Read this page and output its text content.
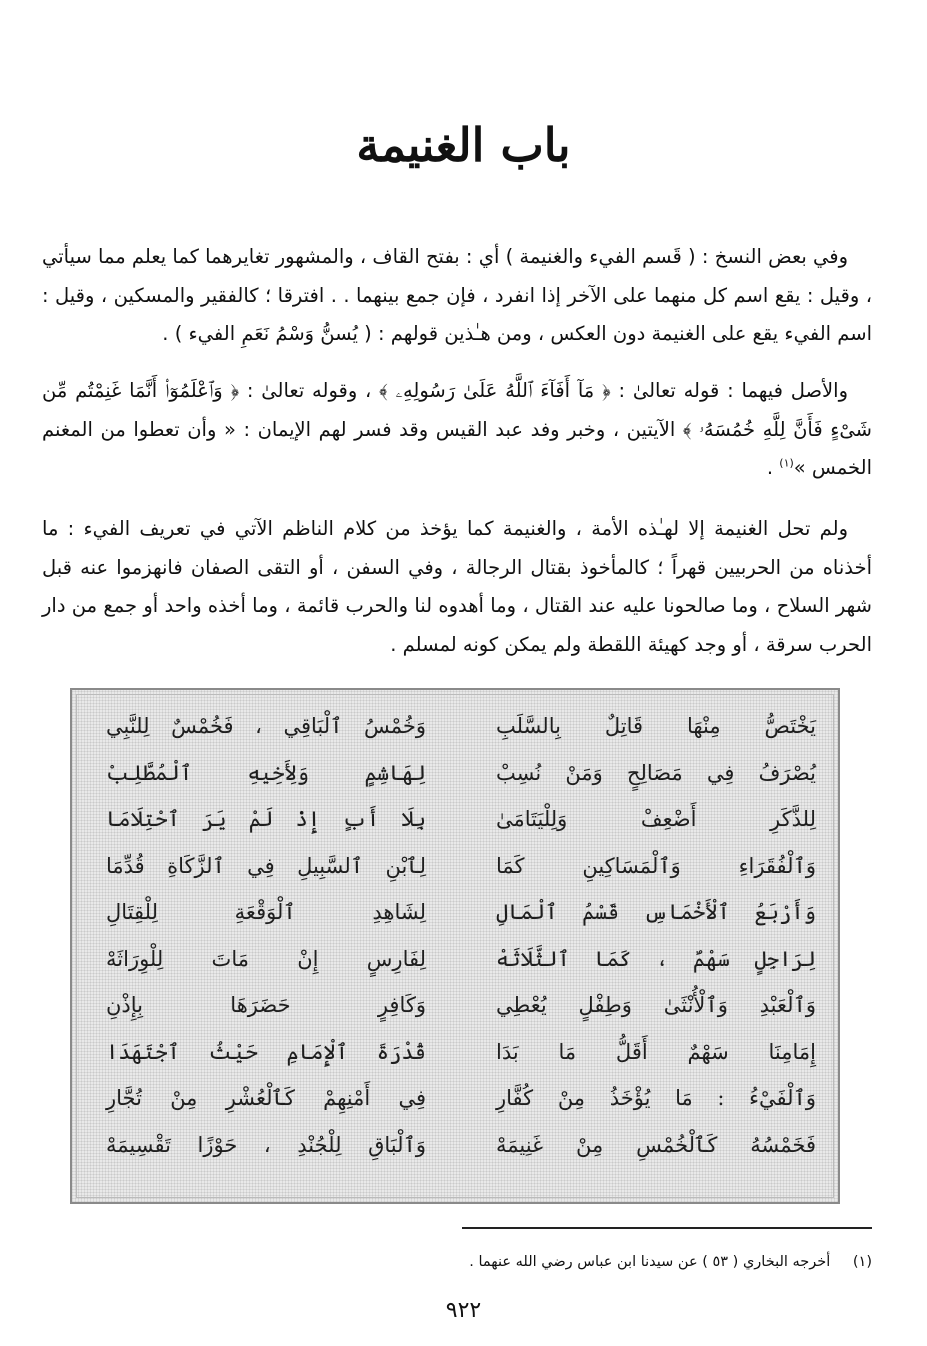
باب الغنيمة

وفي بعض النسخ : ( قَسم الفيء والغنيمة ) أي : بفتح القاف ، والمشهور تغايرهما كما يعلم مما سيأتي ، وقيل : يقع اسم كل منهما على الآخر إذا انفرد ، فإن جمع بينهما . . افترقا ؛ كالفقير والمسكين ، وقيل : اسم الفيء يقع على الغنيمة دون العكس ، ومن هـٰذين قولهم : ( يُسنُّ وَسْمُ نَعَمِ الفيء ) .

والأصل فيهما : قوله تعالىٰ : ﴿ مَآ أَفَآءَ ٱللَّهُ عَلَىٰ رَسُولِهِۦ ﴾ ، وقوله تعالىٰ : ﴿ وَٱعْلَمُوٓا۟ أَنَّمَا غَنِمْتُم مِّن شَىْءٍ فَأَنَّ لِلَّهِ خُمُسَهُۥ ﴾ الآيتين ، وخبر وفد عبد القيس وقد فسر لهم الإيمان : « وأن تعطوا من المغنم الخمس »$^{(١)}$ .

ولم تحل الغنيمة إلا لهـٰذه الأمة ، والغنيمة كما يؤخذ من كلام الناظم الآتي في تعريف الفيء : ما أخذناه من الحربيين قهراً ؛ كالمأخوذ بقتال الرجالة ، وفي السفن ، أو التقى الصفان فانهزموا عنه قبل شهر السلاح ، وما صالحونا عليه عند القتال ، وما أهدوه لنا والحرب قائمة ، وما أخذه واحد أو جمع من دار الحرب سرقة ، أو وجد كهيئة اللقطة ولم يمكن كونه لمسلم .

يَخْتَصُّ مِنْهَا قَاتِلٌ بِالسَّلَبِ
وَخُمْسُ ٱلْبَاقِي ، فَخُمْسٌ لِلنَّبِي
يُصْرَفُ فِي مَصَالِحٍ وَمَنْ نُسِبْ
لِهَاشِمٍ وَلِأَخِيهِ ٱلْمُطَّلِبْ
لِلذَّكَرِ أَضْعِفْ وَلِلْيَتَامَىٰ
بِلَا أَبٍ إِذْ لَمْ يَرَ ٱحْتِلَامَا
وَٱلْفُقَرَاءِ وَٱلْمَسَاكِينِ كَمَا
لِٱبْنِ ٱلسَّبِيلِ فِي ٱلزَّكَاةِ قُدِّمَا
وَأَرْبَعُ ٱلْأَخْمَاسِ قَسْمُ ٱلْمَالِ
لِشَاهِدِ ٱلْوَقْعَةِ لِلْقِتَالِ
لِرَاجِلٍ سَهْمٌ ، كَمَا ٱلثَّلَاثَهْ
لِفَارِسٍ إِنْ مَاتَ لِلْوِرَاثَهْ
وَٱلْعَبْدِ وَٱلْأُنْثَىٰ وَطِفْلٍ يُعْطِي
وَكَافِرٍ حَضَرَهَا بِإِذْنِ
إِمَامِنَا سَهْمٌ أَقَلُّ مَا بَدَا
قُدْرَةَ ٱلْإِمَامِ حَيْثُ ٱجْتَهَدَا
وَٱلْفَيْءُ : مَا يُؤْخَذُ مِنْ كُفَّارِ
فِي أَمْنِهِمْ كَٱلْعُشْرِ مِنْ تُجَّارِ
فَخَمْسُهُ كَٱلْخُمْسِ مِنْ غَنِيمَهْ
وَٱلْبَاقِ لِلْجُنْدِ ، حَوْزًا تَقْسِيمَهْ
(١) أخرجه البخاري ( ٥٣ ) عن سيدنا ابن عباس رضي الله عنهما .
٩٢٢
